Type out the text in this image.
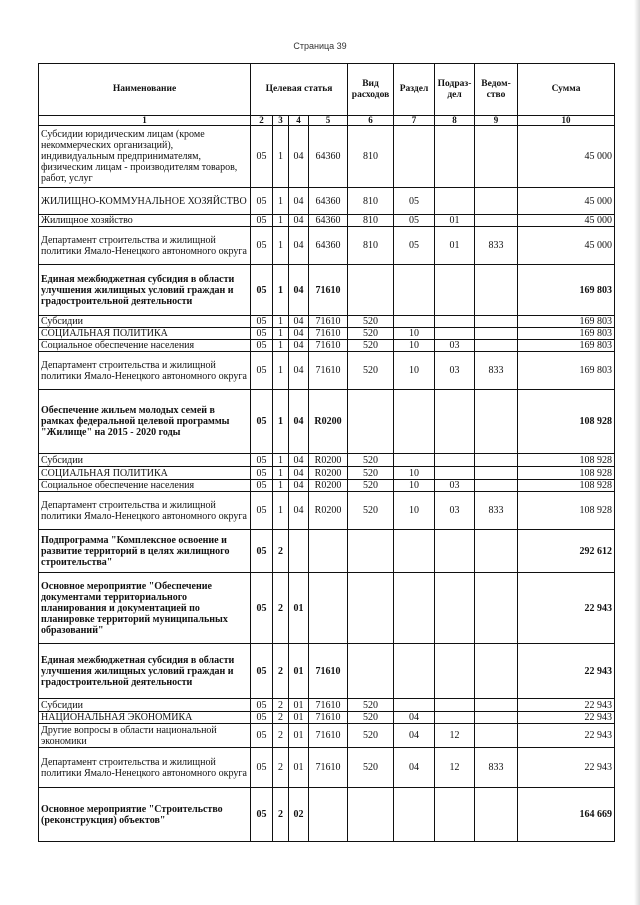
Страница 39
Наименование	Целевая статья				Вид расходов	Раздел	Подраз-дел	Ведом-ство	Сумма
1	2	3	4	5	6	7	8	9	10
Субсидии юридическим лицам (кроме некоммерческих организаций), индивидуальным предпринимателям, физическим лицам - производителям товаров, работ, услуг	05	1	04	64360	810				45 000
ЖИЛИЩНО-КОММУНАЛЬНОЕ ХОЗЯЙСТВО	05	1	04	64360	810	05			45 000
Жилищное хозяйство	05	1	04	64360	810	05	01		45 000
Департамент строительства и жилищной политики Ямало-Ненецкого автономного округа	05	1	04	64360	810	05	01	833	45 000
Единая межбюджетная субсидия в области улучшения жилищных условий граждан и градостроительной деятельности	05	1	04	71610					169 803
Субсидии	05	1	04	71610	520				169 803
СОЦИАЛЬНАЯ ПОЛИТИКА	05	1	04	71610	520	10			169 803
Социальное обеспечение населения	05	1	04	71610	520	10	03		169 803
Департамент строительства и жилищной политики Ямало-Ненецкого автономного округа	05	1	04	71610	520	10	03	833	169 803
Обеспечение жильем молодых семей в рамках федеральной целевой программы "Жилище" на 2015 - 2020 годы	05	1	04	R0200					108 928
Субсидии	05	1	04	R0200	520				108 928
СОЦИАЛЬНАЯ ПОЛИТИКА	05	1	04	R0200	520	10			108 928
Социальное обеспечение населения	05	1	04	R0200	520	10	03		108 928
Департамент строительства и жилищной политики Ямало-Ненецкого автономного округа	05	1	04	R0200	520	10	03	833	108 928
Подпрограмма "Комплексное освоение и развитие территорий в целях жилищного строительства"	05	2							292 612
Основное мероприятие "Обеспечение документами территориального планирования и документацией по планировке территорий муниципальных образований"	05	2	01						22 943
Единая межбюджетная субсидия в области улучшения жилищных условий граждан и градостроительной деятельности	05	2	01	71610					22 943
Субсидии	05	2	01	71610	520				22 943
НАЦИОНАЛЬНАЯ ЭКОНОМИКА	05	2	01	71610	520	04			22 943
Другие вопросы в области национальной экономики	05	2	01	71610	520	04	12		22 943
Департамент строительства и жилищной политики Ямало-Ненецкого автономного округа	05	2	01	71610	520	04	12	833	22 943
Основное мероприятие "Строительство (реконструкция) объектов"	05	2	02						164 669
